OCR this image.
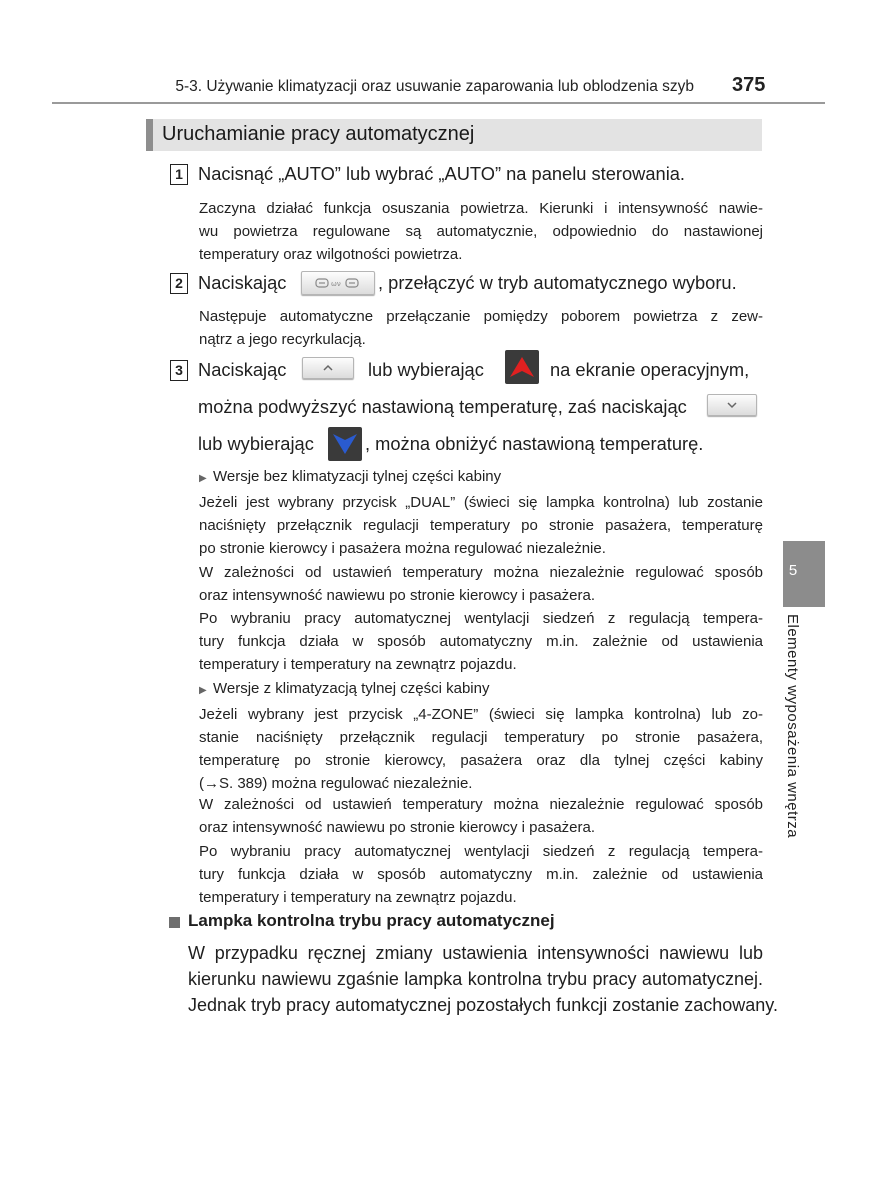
5-3. Używanie klimatyzacji oraz usuwanie zaparowania lub oblodzenia szyb 375
Uruchamianie pracy automatycznej
1 Nacisnąć „AUTO” lub wybrać „AUTO” na panelu sterowania.
Zaczyna działać funkcja osuszania powietrza. Kierunki i intensywność nawie-
wu powietrza regulowane są automatycznie, odpowiednio do nastawionej
temperatury oraz wilgotności powietrza.
2 Naciskając	ων , przełączyć w tryb automatycznego wyboru.
Następuje automatyczne przełączanie pomiędzy poborem powietrza z zew-
nątrz a jego recyrkulacją.
3 Naciskając	lub wybierając	na ekranie operacyjnym,
można podwyższyć nastawioną temperaturę, zaś naciskając
lub wybierając	, można obniżyć nastawioną temperaturę.
▶ Wersje bez klimatyzacji tylnej części kabiny
Jeżeli jest wybrany przycisk „DUAL” (świeci się lampka kontrolna) lub zostanie
naciśnięty przełącznik regulacji temperatury po stronie pasażera, temperaturę
po stronie kierowcy i pasażera można regulować niezależnie.
W zależności od ustawień temperatury można niezależnie regulować sposób
oraz intensywność nawiewu po stronie kierowcy i pasażera.
Po wybraniu pracy automatycznej wentylacji siedzeń z regulacją tempera-
tury funkcja działa w sposób automatyczny m.in. zależnie od ustawienia
temperatury i temperatury na zewnątrz pojazdu.
▶ Wersje z klimatyzacją tylnej części kabiny
Jeżeli wybrany jest przycisk „4-ZONE” (świeci się lampka kontrolna) lub zo-
stanie naciśnięty przełącznik regulacji temperatury po stronie pasażera,
temperaturę po stronie kierowcy, pasażera oraz dla tylnej części kabiny
(→S. 389) można regulować niezależnie.
W zależności od ustawień temperatury można niezależnie regulować sposób
oraz intensywność nawiewu po stronie kierowcy i pasażera.
Po wybraniu pracy automatycznej wentylacji siedzeń z regulacją tempera-
tury funkcja działa w sposób automatyczny m.in. zależnie od ustawienia
temperatury i temperatury na zewnątrz pojazdu.
Lampka kontrolna trybu pracy automatycznej
W przypadku ręcznej zmiany ustawienia intensywności nawiewu lub
kierunku nawiewu zgaśnie lampka kontrolna trybu pracy automatycznej.
Jednak tryb pracy automatycznej pozostałych funkcji zostanie zachowany.
5
Elementy wyposażenia wnętrza
